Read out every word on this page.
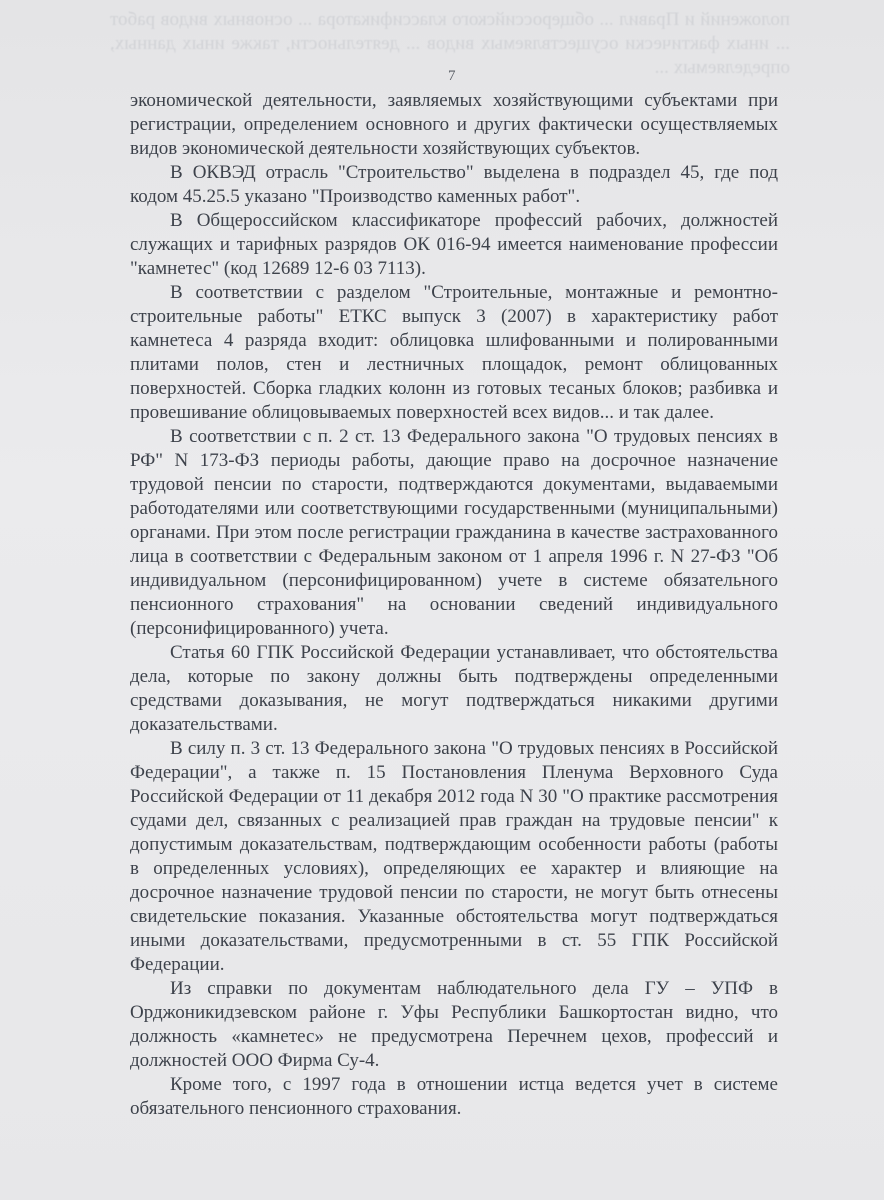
положений и Правил ... общероссийского классификатора ... основных видов работ ... иных фактически осуществляемых видов ... деятельности, также иных данных, определяемых ...
7

экономической деятельности, заявляемых хозяйствующими субъектами при регистрации, определением основного и других фактически осуществляемых видов экономической деятельности хозяйствующих субъектов.

В ОКВЭД отрасль "Строительство" выделена в подраздел 45, где под кодом 45.25.5 указано "Производство каменных работ".

В Общероссийском классификаторе профессий рабочих, должностей служащих и тарифных разрядов ОК 016-94 имеется наименование профессии "камнетес" (код 12689 12-6 03 7113).

В соответствии с разделом "Строительные, монтажные и ремонтно-строительные работы" ЕТКС выпуск 3 (2007) в характеристику работ камнетеса 4 разряда входит: облицовка шлифованными и полированными плитами полов, стен и лестничных площадок, ремонт облицованных поверхностей. Сборка гладких колонн из готовых тесаных блоков; разбивка и провешивание облицовываемых поверхностей всех видов... и так далее.

В соответствии с п. 2 ст. 13 Федерального закона "О трудовых пенсиях в РФ" N 173-ФЗ периоды работы, дающие право на досрочное назначение трудовой пенсии по старости, подтверждаются документами, выдаваемыми работодателями или соответствующими государственными (муниципальными) органами. При этом после регистрации гражданина в качестве застрахованного лица в соответствии с Федеральным законом от 1 апреля 1996 г. N 27-ФЗ "Об индивидуальном (персонифицированном) учете в системе обязательного пенсионного страхования" на основании сведений индивидуального (персонифицированного) учета.

Статья 60 ГПК Российской Федерации устанавливает, что обстоятельства дела, которые по закону должны быть подтверждены определенными средствами доказывания, не могут подтверждаться никакими другими доказательствами.

В силу п. 3 ст. 13 Федерального закона "О трудовых пенсиях в Российской Федерации", а также п. 15 Постановления Пленума Верховного Суда Российской Федерации от 11 декабря 2012 года N 30 "О практике рассмотрения судами дел, связанных с реализацией прав граждан на трудовые пенсии" к допустимым доказательствам, подтверждающим особенности работы (работы в определенных условиях), определяющих ее характер и влияющие на досрочное назначение трудовой пенсии по старости, не могут быть отнесены свидетельские показания. Указанные обстоятельства могут подтверждаться иными доказательствами, предусмотренными в ст. 55 ГПК Российской Федерации.

Из справки по документам наблюдательного дела ГУ – УПФ в Орджоникидзевском районе г. Уфы Республики Башкортостан видно, что должность «камнетес» не предусмотрена Перечнем цехов, профессий и должностей ООО Фирма Су-4.

Кроме того, с 1997 года в отношении истца ведется учет в системе обязательного пенсионного страхования.
